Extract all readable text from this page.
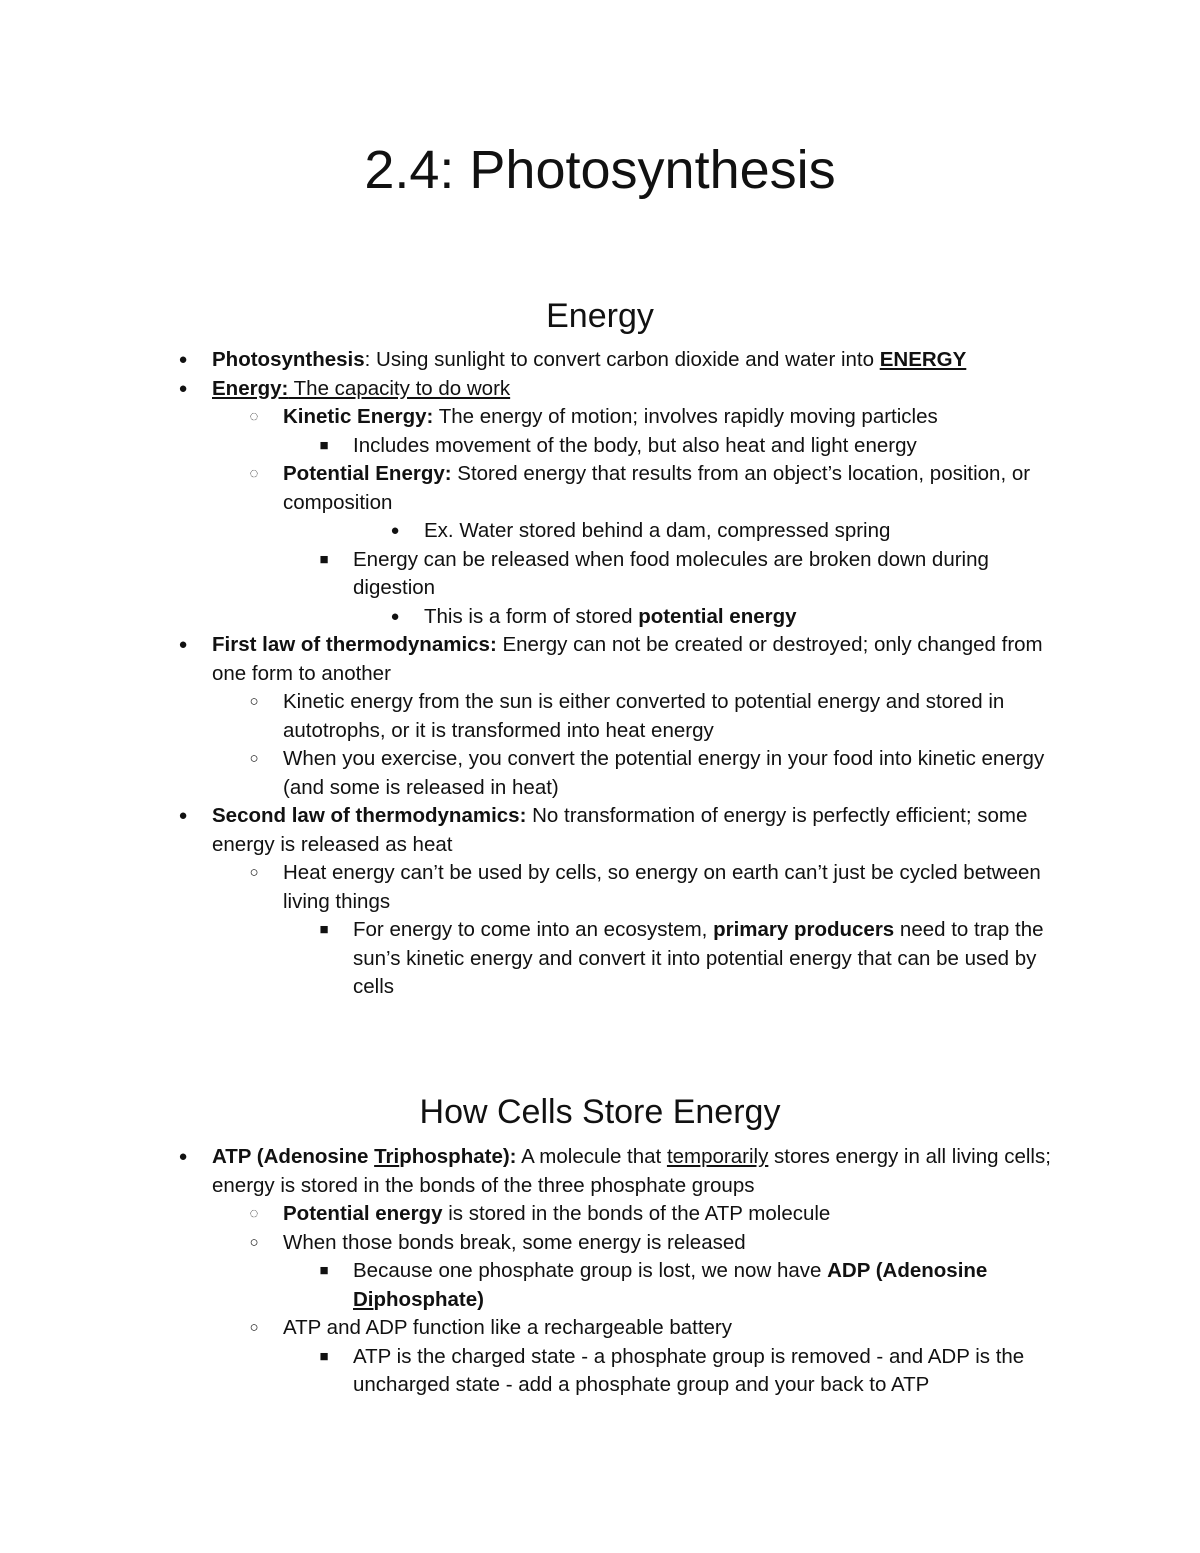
2.4: Photosynthesis
Energy
● Photosynthesis: Using sunlight to convert carbon dioxide and water into ENERGY
● Energy: The capacity to do work
◌ Kinetic Energy: The energy of motion; involves rapidly moving particles
■ Includes movement of the body, but also heat and light energy
◌ Potential Energy: Stored energy that results from an object’s location, position, or composition
● Ex. Water stored behind a dam, compressed spring
■ Energy can be released when food molecules are broken down during digestion
● This is a form of stored potential energy
● First law of thermodynamics: Energy can not be created or destroyed; only changed from one form to another
○ Kinetic energy from the sun is either converted to potential energy and stored in autotrophs, or it is transformed into heat energy
○ When you exercise, you convert the potential energy in your food into kinetic energy (and some is released in heat)
● Second law of thermodynamics: No transformation of energy is perfectly efficient; some energy is released as heat
○ Heat energy can’t be used by cells, so energy on earth can’t just be cycled between living things
■ For energy to come into an ecosystem, primary producers need to trap the sun’s kinetic energy and convert it into potential energy that can be used by cells
How Cells Store Energy
● ATP (Adenosine Triphosphate): A molecule that temporarily stores energy in all living cells; energy is stored in the bonds of the three phosphate groups
◌ Potential energy is stored in the bonds of the ATP molecule
○ When those bonds break, some energy is released
■ Because one phosphate group is lost, we now have ADP (Adenosine Diphosphate)
○ ATP and ADP function like a rechargeable battery
■ ATP is the charged state - a phosphate group is removed - and ADP is the uncharged state - add a phosphate group and your back to ATP
